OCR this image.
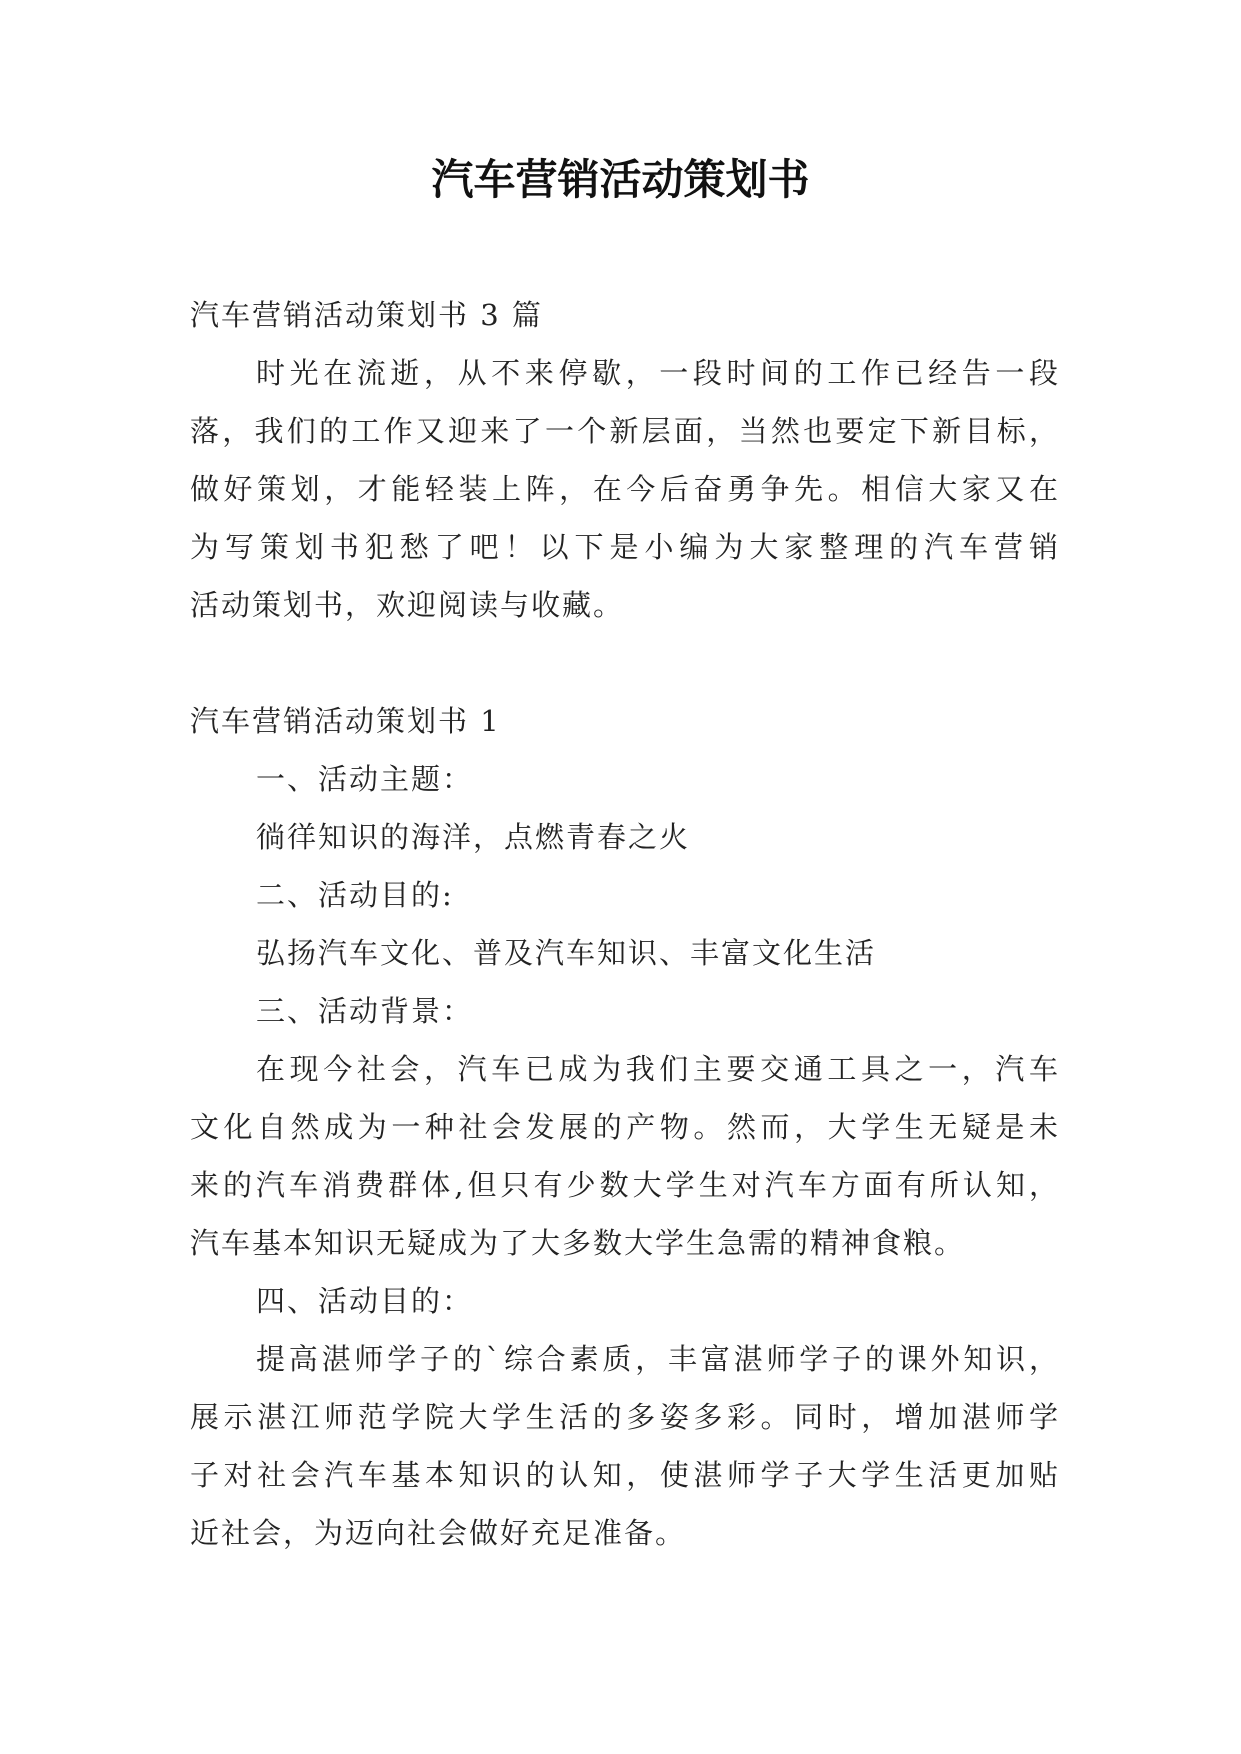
汽车营销活动策划书
汽车营销活动策划书 3 篇
时光在流逝，从不来停歇，一段时间的工作已经告一段
落，我们的工作又迎来了一个新层面，当然也要定下新目标，
做好策划，才能轻装上阵，在今后奋勇争先。相信大家又在
为写策划书犯愁了吧！以下是小编为大家整理的汽车营销
活动策划书，欢迎阅读与收藏。
汽车营销活动策划书 1
一、活动主题：
徜徉知识的海洋，点燃青春之火
二、活动目的:
弘扬汽车文化、普及汽车知识、丰富文化生活
三、活动背景：
在现今社会，汽车已成为我们主要交通工具之一，汽车
文化自然成为一种社会发展的产物。然而，大学生无疑是未
来的汽车消费群体,但只有少数大学生对汽车方面有所认知，
汽车基本知识无疑成为了大多数大学生急需的精神食粮。
四、活动目的：
提高湛师学子的`综合素质，丰富湛师学子的课外知识，
展示湛江师范学院大学生活的多姿多彩。同时，增加湛师学
子对社会汽车基本知识的认知，使湛师学子大学生活更加贴
近社会，为迈向社会做好充足准备。
